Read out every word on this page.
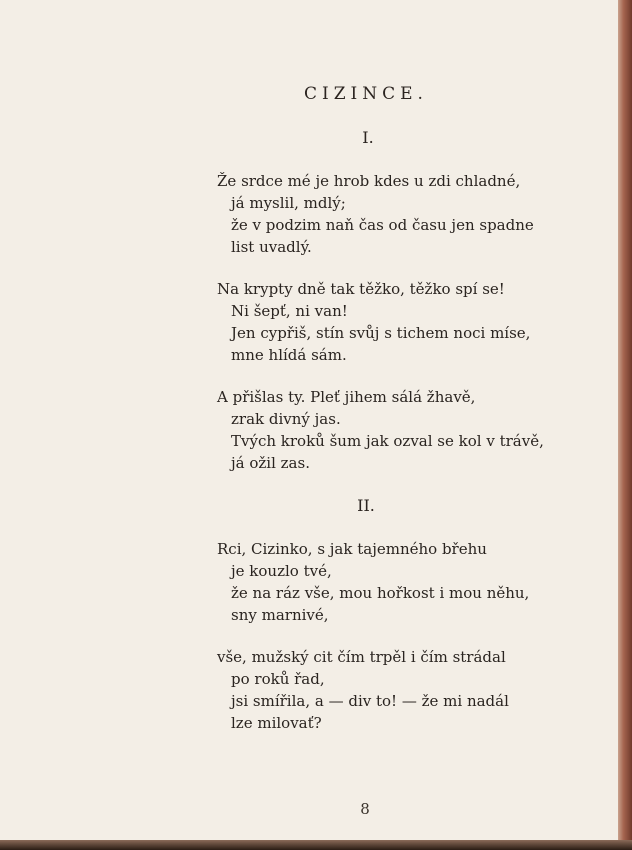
CIZINCE.
I.
Že srdce mé je hrob kdes u zdi chladné,
já myslil, mdlý;
že v podzim naň čas od času jen spadne
list uvadlý.
Na krypty dně tak těžko, těžko spí se!
Ni šepť, ni van!
Jen cypřiš, stín svůj s tichem noci míse,
mne hlídá sám.
A přišlas ty. Pleť jihem sálá žhavě,
zrak divný jas.
Tvých kroků šum jak ozval se kol v trávě,
já ožil zas.
II.
Rci, Cizinko, s jak tajemného břehu
je kouzlo tvé,
že na ráz vše, mou hořkost i mou něhu,
sny marnivé,
vše, mužský cit čím trpěl i čím strádal
po roků řad,
jsi smířila, a — div to! — že mi nadál
lze milovať?
8
